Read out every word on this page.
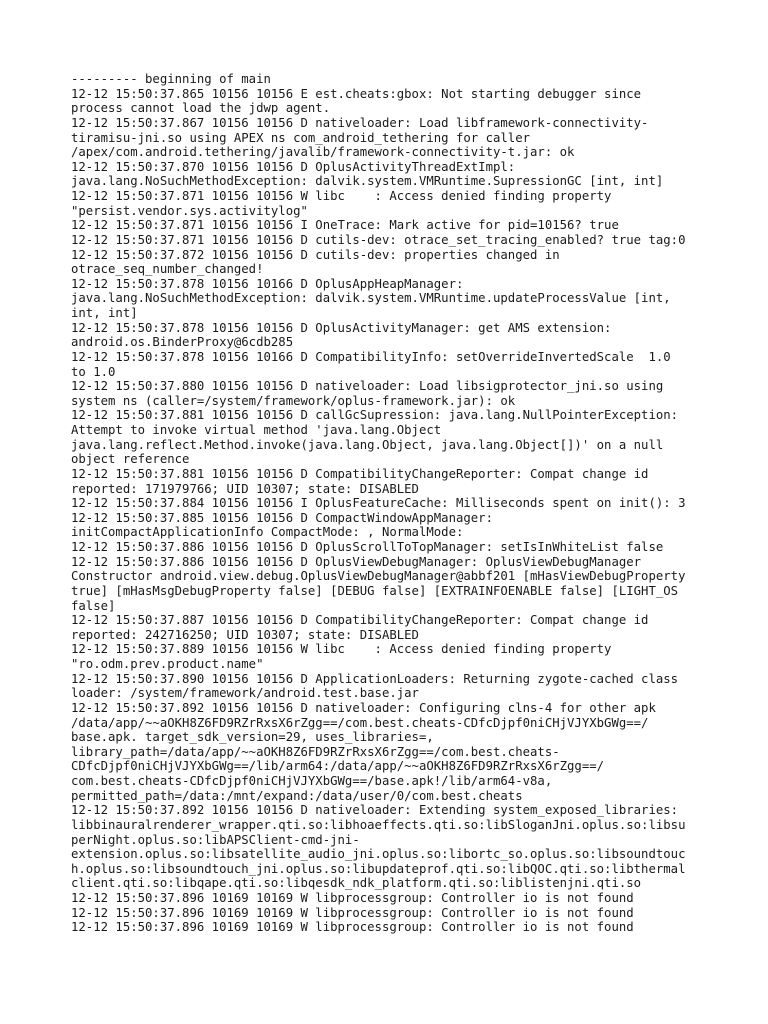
--------- beginning of main
12-12 15:50:37.865 10156 10156 E est.cheats:gbox: Not starting debugger since
process cannot load the jdwp agent.
12-12 15:50:37.867 10156 10156 D nativeloader: Load libframework-connectivity-
tiramisu-jni.so using APEX ns com_android_tethering for caller
/apex/com.android.tethering/javalib/framework-connectivity-t.jar: ok
12-12 15:50:37.870 10156 10156 D OplusActivityThreadExtImpl:
java.lang.NoSuchMethodException: dalvik.system.VMRuntime.SupressionGC [int, int]
12-12 15:50:37.871 10156 10156 W libc    : Access denied finding property
"persist.vendor.sys.activitylog"
12-12 15:50:37.871 10156 10156 I OneTrace: Mark active for pid=10156? true
12-12 15:50:37.871 10156 10156 D cutils-dev: otrace_set_tracing_enabled? true tag:0
12-12 15:50:37.872 10156 10156 D cutils-dev: properties changed in
otrace_seq_number_changed!
12-12 15:50:37.878 10156 10166 D OplusAppHeapManager:
java.lang.NoSuchMethodException: dalvik.system.VMRuntime.updateProcessValue [int,
int, int]
12-12 15:50:37.878 10156 10156 D OplusActivityManager: get AMS extension:
android.os.BinderProxy@6cdb285
12-12 15:50:37.878 10156 10166 D CompatibilityInfo: setOverrideInvertedScale  1.0
to 1.0
12-12 15:50:37.880 10156 10156 D nativeloader: Load libsigprotector_jni.so using
system ns (caller=/system/framework/oplus-framework.jar): ok
12-12 15:50:37.881 10156 10156 D callGcSupression: java.lang.NullPointerException:
Attempt to invoke virtual method 'java.lang.Object
java.lang.reflect.Method.invoke(java.lang.Object, java.lang.Object[])' on a null
object reference
12-12 15:50:37.881 10156 10156 D CompatibilityChangeReporter: Compat change id
reported: 171979766; UID 10307; state: DISABLED
12-12 15:50:37.884 10156 10156 I OplusFeatureCache: Milliseconds spent on init(): 3
12-12 15:50:37.885 10156 10156 D CompactWindowAppManager:
initCompactApplicationInfo CompactMode: , NormalMode:
12-12 15:50:37.886 10156 10156 D OplusScrollToTopManager: setIsInWhiteList false
12-12 15:50:37.886 10156 10156 D OplusViewDebugManager: OplusViewDebugManager
Constructor android.view.debug.OplusViewDebugManager@abbf201 [mHasViewDebugProperty
true] [mHasMsgDebugProperty false] [DEBUG false] [EXTRAINFOENABLE false] [LIGHT_OS
false]
12-12 15:50:37.887 10156 10156 D CompatibilityChangeReporter: Compat change id
reported: 242716250; UID 10307; state: DISABLED
12-12 15:50:37.889 10156 10156 W libc    : Access denied finding property
"ro.odm.prev.product.name"
12-12 15:50:37.890 10156 10156 D ApplicationLoaders: Returning zygote-cached class
loader: /system/framework/android.test.base.jar
12-12 15:50:37.892 10156 10156 D nativeloader: Configuring clns-4 for other apk
/data/app/~~aOKH8Z6FD9RZrRxsX6rZgg==/com.best.cheats-CDfcDjpf0niCHjVJYXbGWg==/
base.apk. target_sdk_version=29, uses_libraries=,
library_path=/data/app/~~aOKH8Z6FD9RZrRxsX6rZgg==/com.best.cheats-
CDfcDjpf0niCHjVJYXbGWg==/lib/arm64:/data/app/~~aOKH8Z6FD9RZrRxsX6rZgg==/
com.best.cheats-CDfcDjpf0niCHjVJYXbGWg==/base.apk!/lib/arm64-v8a,
permitted_path=/data:/mnt/expand:/data/user/0/com.best.cheats
12-12 15:50:37.892 10156 10156 D nativeloader: Extending system_exposed_libraries:
libbinauralrenderer_wrapper.qti.so:libhoaeffects.qti.so:libSloganJni.oplus.so:libsu
perNight.oplus.so:libAPSClient-cmd-jni-
extension.oplus.so:libsatellite_audio_jni.oplus.so:libortc_so.oplus.so:libsoundtouc
h.oplus.so:libsoundtouch_jni.oplus.so:libupdateprof.qti.so:libQOC.qti.so:libthermal
client.qti.so:libqape.qti.so:libqesdk_ndk_platform.qti.so:liblistenjni.qti.so
12-12 15:50:37.896 10169 10169 W libprocessgroup: Controller io is not found
12-12 15:50:37.896 10169 10169 W libprocessgroup: Controller io is not found
12-12 15:50:37.896 10169 10169 W libprocessgroup: Controller io is not found
